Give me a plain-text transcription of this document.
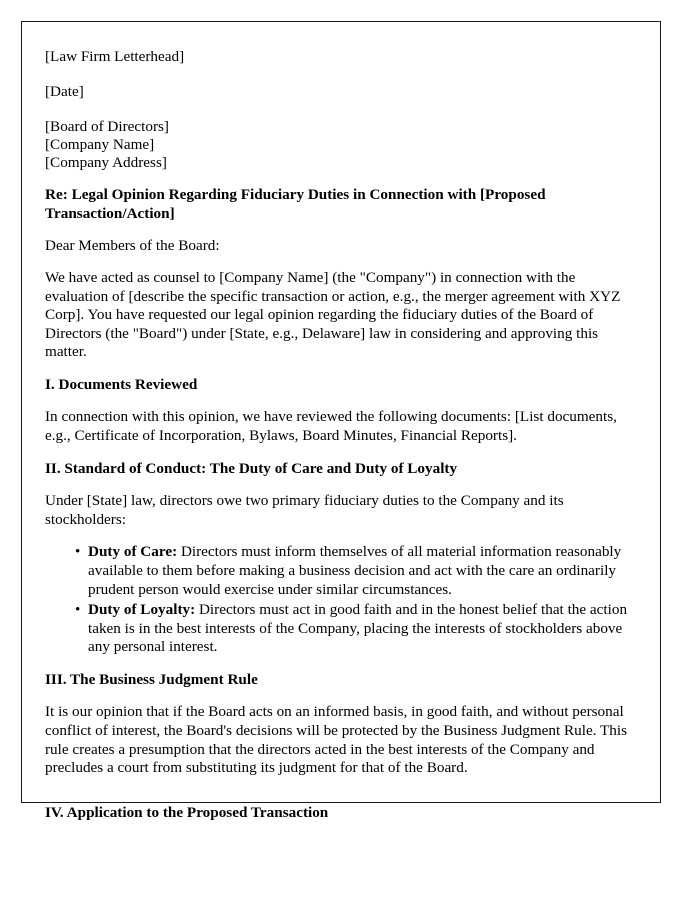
[Law Firm Letterhead]

[Date]

[Board of Directors]

[Company Name]

[Company Address]

Re: Legal Opinion Regarding Fiduciary Duties in Connection with [Proposed Transaction/Action]

Dear Members of the Board:

We have acted as counsel to [Company Name] (the "Company") in connection with the evaluation of [describe the specific transaction or action, e.g., the merger agreement with XYZ Corp]. You have requested our legal opinion regarding the fiduciary duties of the Board of Directors (the "Board") under [State, e.g., Delaware] law in considering and approving this matter.

I. Documents Reviewed

In connection with this opinion, we have reviewed the following documents: [List documents, e.g., Certificate of Incorporation, Bylaws, Board Minutes, Financial Reports].

II. Standard of Conduct: The Duty of Care and Duty of Loyalty

Under [State] law, directors owe two primary fiduciary duties to the Company and its stockholders:

• Duty of Care: Directors must inform themselves of all material information reasonably available to them before making a business decision and act with the care an ordinarily prudent person would exercise under similar circumstances.
• Duty of Loyalty: Directors must act in good faith and in the honest belief that the action taken is in the best interests of the Company, placing the interests of stockholders above any personal interest.
III. The Business Judgment Rule

It is our opinion that if the Board acts on an informed basis, in good faith, and without personal conflict of interest, the Board's decisions will be protected by the Business Judgment Rule. This rule creates a presumption that the directors acted in the best interests of the Company and precludes a court from substituting its judgment for that of the Board.

IV. Application to the Proposed Transaction
